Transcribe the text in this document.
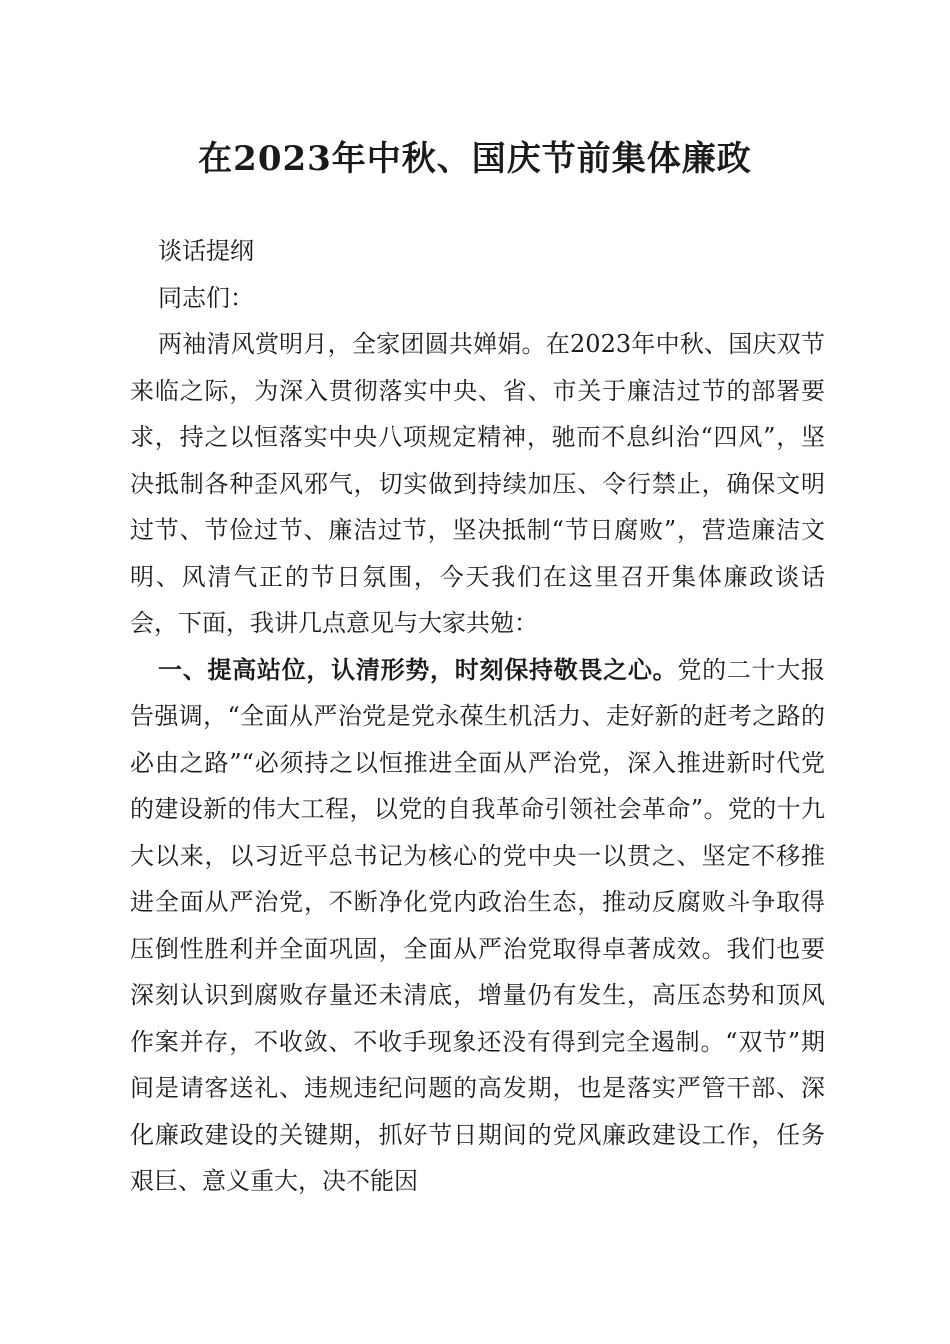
在2023年中秋、国庆节前集体廉政

谈话提纲

同志们：

两袖清风赏明月，全家团圆共婵娟。在2023年中秋、国庆双节来临之际，为深入贯彻落实中央、省、市关于廉洁过节的部署要求，持之以恒落实中央八项规定精神，驰而不息纠治“四风”，坚决抵制各种歪风邪气，切实做到持续加压、令行禁止，确保文明过节、节俭过节、廉洁过节，坚决抵制“节日腐败”，营造廉洁文明、风清气正的节日氛围，今天我们在这里召开集体廉政谈话会，下面，我讲几点意见与大家共勉：

一、提高站位，认清形势，时刻保持敬畏之心。党的二十大报告强调，“全面从严治党是党永葆生机活力、走好新的赶考之路的必由之路”“必须持之以恒推进全面从严治党，深入推进新时代党的建设新的伟大工程，以党的自我革命引领社会革命”。党的十九大以来，以习近平总书记为核心的党中央一以贯之、坚定不移推进全面从严治党，不断净化党内政治生态，推动反腐败斗争取得压倒性胜利并全面巩固，全面从严治党取得卓著成效。我们也要深刻认识到腐败存量还未清底，增量仍有发生，高压态势和顶风作案并存，不收敛、不收手现象还没有得到完全遏制。“双节”期间是请客送礼、违规违纪问题的高发期，也是落实严管干部、深化廉政建设的关键期，抓好节日期间的党风廉政建设工作，任务艰巨、意义重大，决不能因
